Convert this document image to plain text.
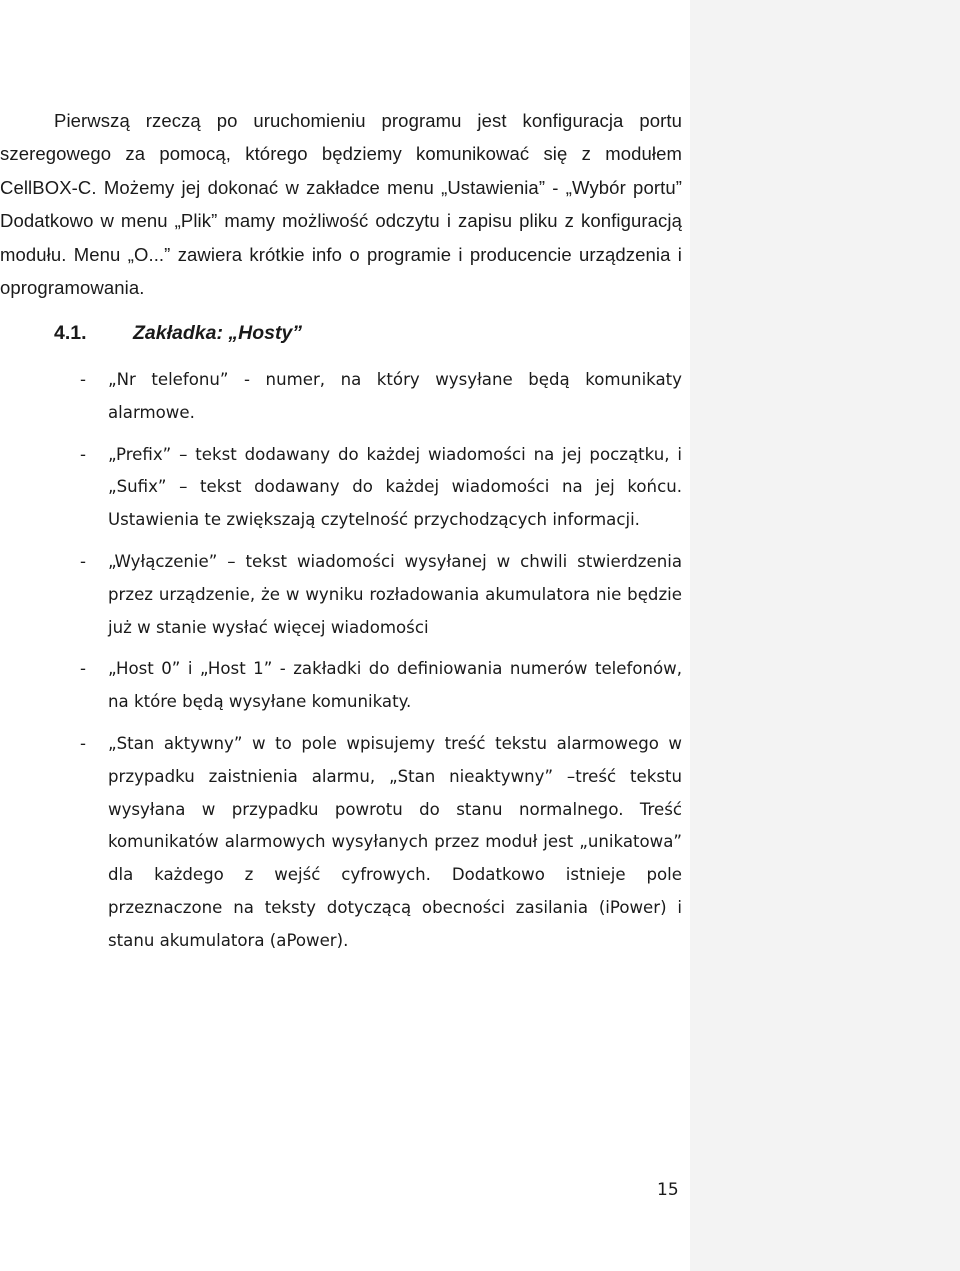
Pierwszą rzeczą po uruchomieniu programu jest konfiguracja portu szeregowego za pomocą, którego będziemy komunikować się z modułem CellBOX-C. Możemy jej dokonać w zakładce menu „Ustawienia” - „Wybór portu” Dodatkowo w menu „Plik” mamy możliwość odczytu i zapisu pliku z konfiguracją modułu. Menu „O...” zawiera krótkie info o programie i producencie urządzenia i oprogramowania.

4.1. Zakładka: „Hosty”
- „Nr telefonu” - numer, na który wysyłane będą komunikaty alarmowe.
- „Prefix” – tekst dodawany do każdej wiadomości na jej początku, i „Sufix” – tekst dodawany do każdej wiadomości na jej końcu. Ustawienia te zwiększają czytelność przychodzących informacji.
- „Wyłączenie” – tekst wiadomości wysyłanej w chwili stwierdzenia przez urządzenie, że w wyniku rozładowania akumulatora nie będzie już w stanie wysłać więcej wiadomości
- „Host 0” i „Host 1” - zakładki do definiowania numerów telefonów, na które będą wysyłane komunikaty.
- „Stan aktywny” w to pole wpisujemy treść tekstu alarmowego w przypadku zaistnienia alarmu, „Stan nieaktywny” –treść tekstu wysyłana w przypadku powrotu do stanu normalnego. Treść komunikatów alarmowych wysyłanych przez moduł jest „unikatowa” dla każdego z wejść cyfrowych. Dodatkowo istnieje pole przeznaczone na teksty dotyczącą obecności zasilania (iPower) i stanu akumulatora (aPower).
15
